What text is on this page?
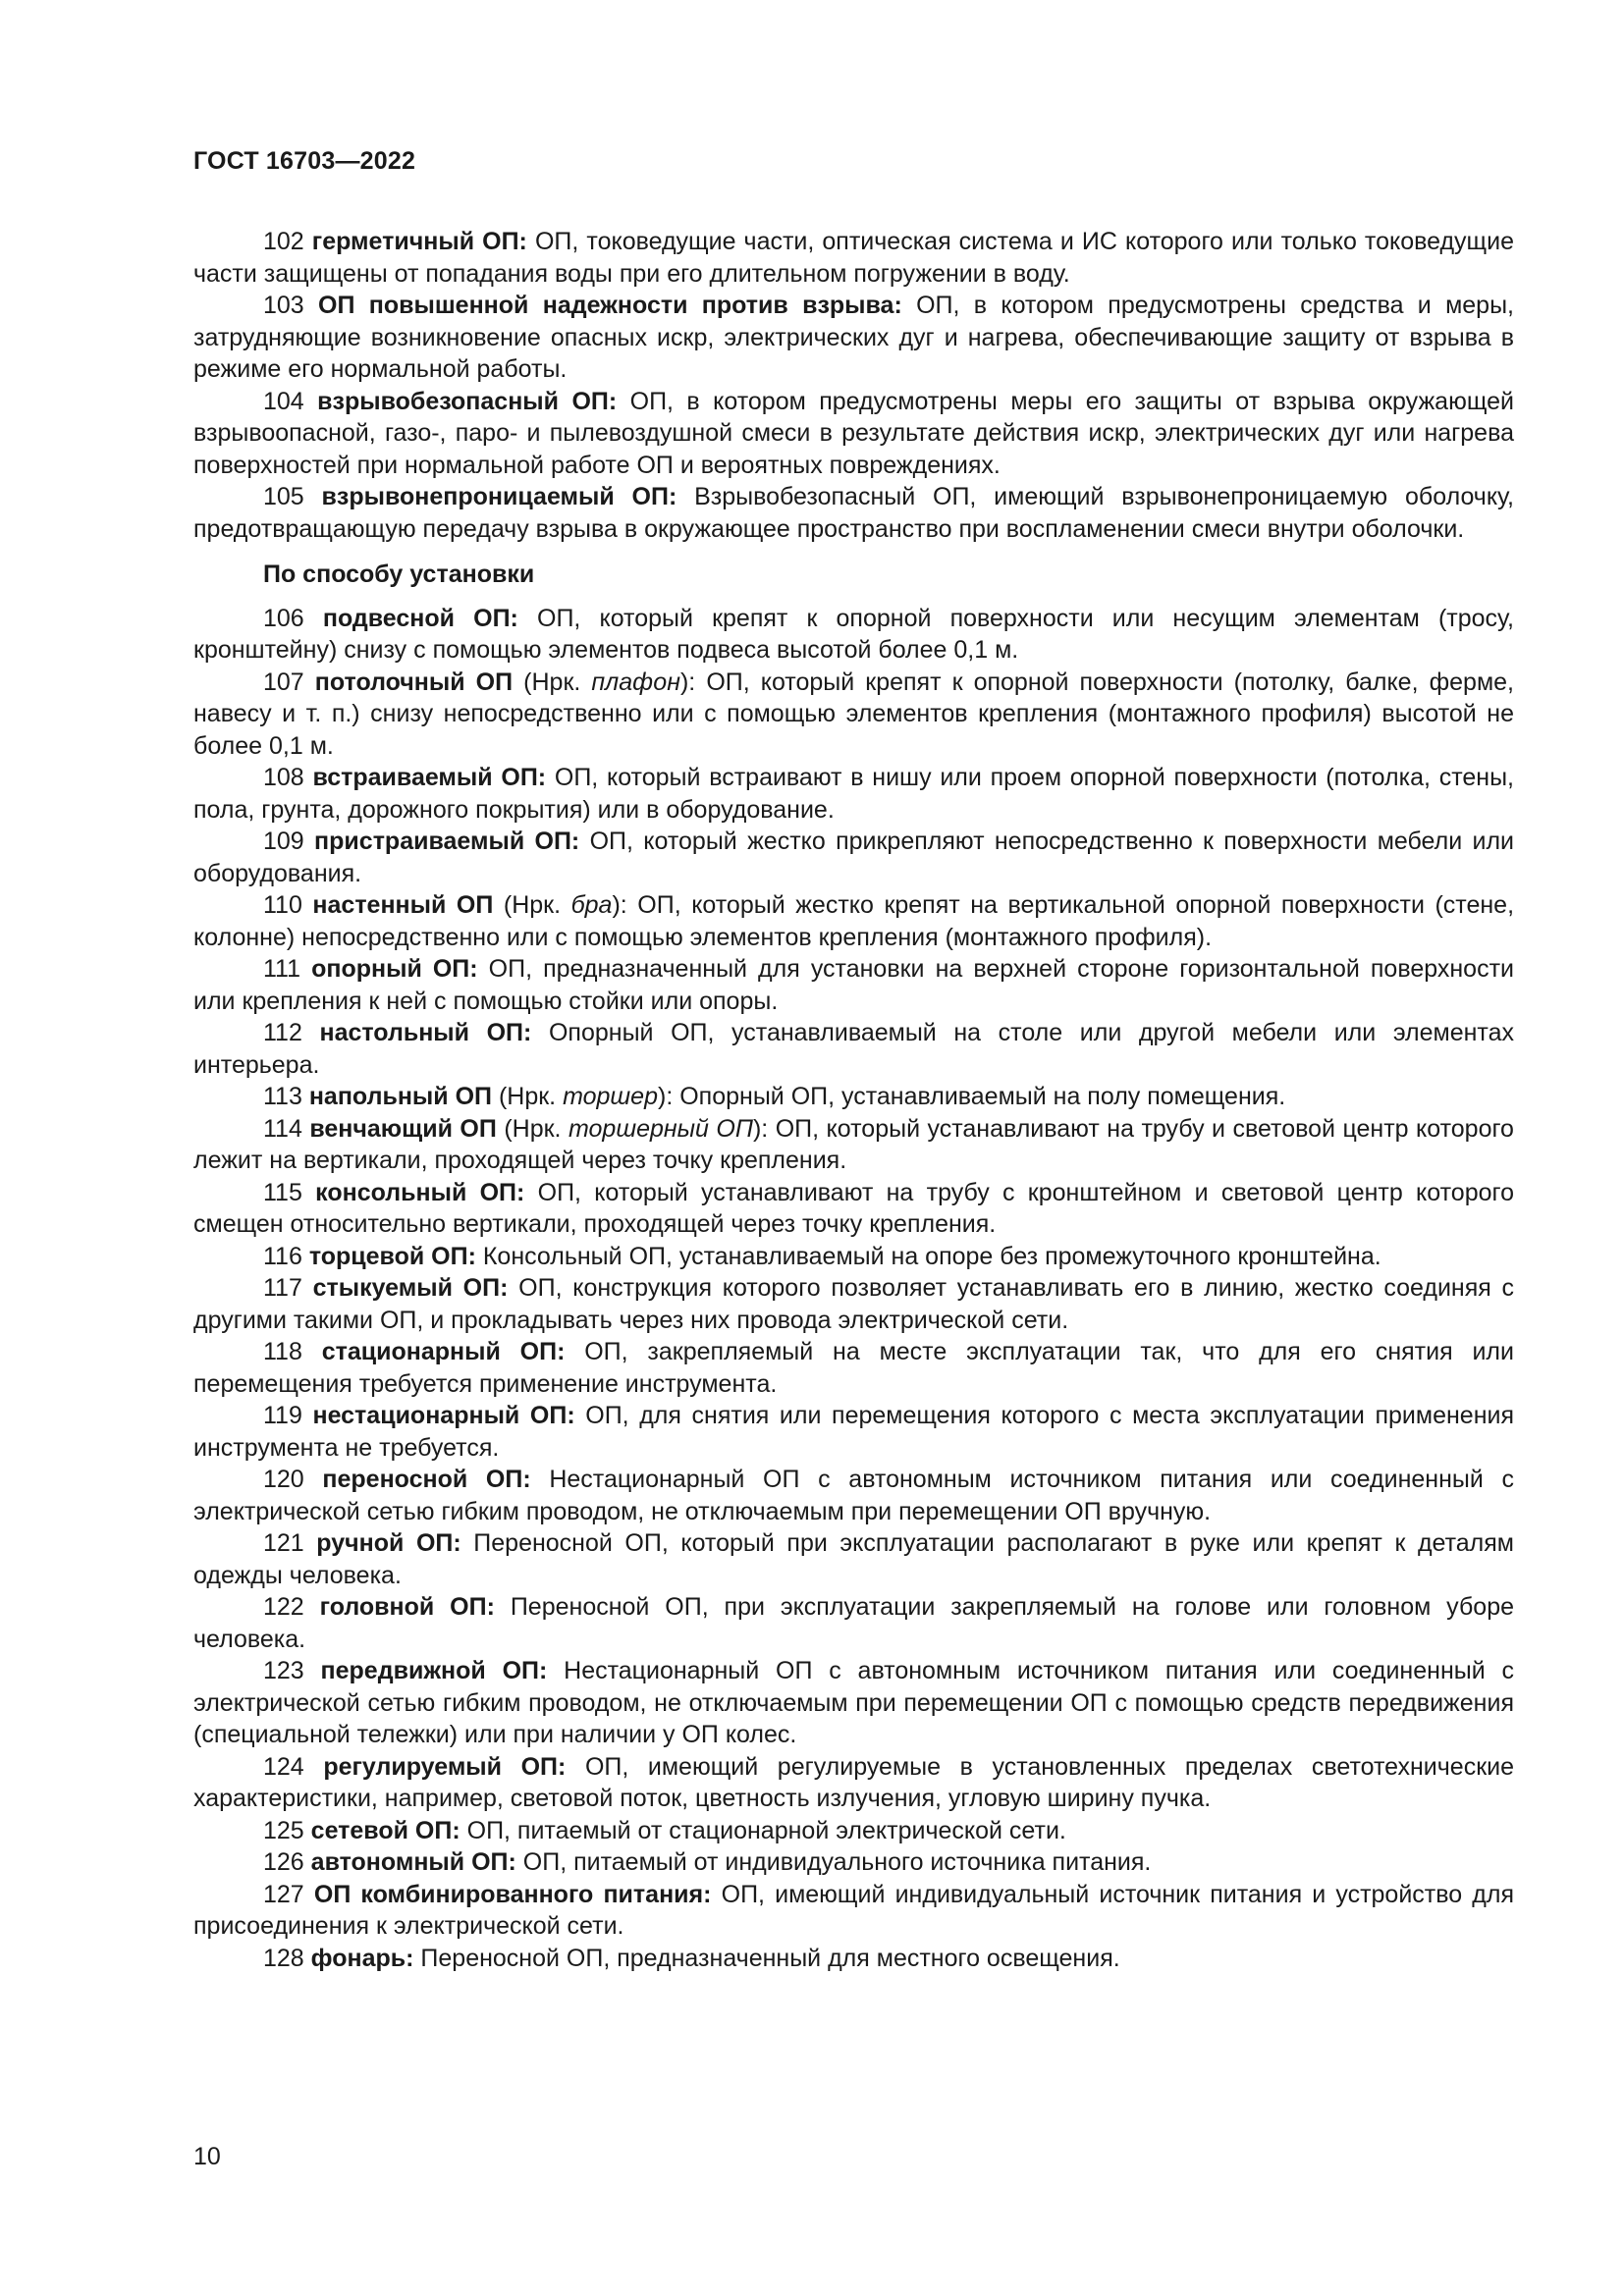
ГОСТ 16703—2022

102 герметичный ОП: ОП, токоведущие части, оптическая система и ИС которого или только токоведущие части защищены от попадания воды при его длительном погружении в воду.

103 ОП повышенной надежности против взрыва: ОП, в котором предусмотрены средства и меры, затрудняющие возникновение опасных искр, электрических дуг и нагрева, обеспечивающие защиту от взрыва в режиме его нормальной работы.

104 взрывобезопасный ОП: ОП, в котором предусмотрены меры его защиты от взрыва окружающей взрывоопасной, газо-, паро- и пылевоздушной смеси в результате действия искр, электрических дуг или нагрева поверхностей при нормальной работе ОП и вероятных повреждениях.

105 взрывонепроницаемый ОП: Взрывобезопасный ОП, имеющий взрывонепроницаемую оболочку, предотвращающую передачу взрыва в окружающее пространство при воспламенении смеси внутри оболочки.

По способу установки

106 подвесной ОП: ОП, который крепят к опорной поверхности или несущим элементам (тросу, кронштейну) снизу с помощью элементов подвеса высотой более 0,1 м.

107 потолочный ОП (Нрк. плафон): ОП, который крепят к опорной поверхности (потолку, балке, ферме, навесу и т. п.) снизу непосредственно или с помощью элементов крепления (монтажного профиля) высотой не более 0,1 м.

108 встраиваемый ОП: ОП, который встраивают в нишу или проем опорной поверхности (потолка, стены, пола, грунта, дорожного покрытия) или в оборудование.

109 пристраиваемый ОП: ОП, который жестко прикрепляют непосредственно к поверхности мебели или оборудования.

110 настенный ОП (Нрк. бра): ОП, который жестко крепят на вертикальной опорной поверхности (стене, колонне) непосредственно или с помощью элементов крепления (монтажного профиля).

111 опорный ОП: ОП, предназначенный для установки на верхней стороне горизонтальной поверхности или крепления к ней с помощью стойки или опоры.

112 настольный ОП: Опорный ОП, устанавливаемый на столе или другой мебели или элементах интерьера.

113 напольный ОП (Нрк. торшер): Опорный ОП, устанавливаемый на полу помещения.

114 венчающий ОП (Нрк. торшерный ОП): ОП, который устанавливают на трубу и световой центр которого лежит на вертикали, проходящей через точку крепления.

115 консольный ОП: ОП, который устанавливают на трубу с кронштейном и световой центр которого смещен относительно вертикали, проходящей через точку крепления.

116 торцевой ОП: Консольный ОП, устанавливаемый на опоре без промежуточного кронштейна.

117 стыкуемый ОП: ОП, конструкция которого позволяет устанавливать его в линию, жестко соединяя с другими такими ОП, и прокладывать через них провода электрической сети.

118 стационарный ОП: ОП, закрепляемый на месте эксплуатации так, что для его снятия или перемещения требуется применение инструмента.

119 нестационарный ОП: ОП, для снятия или перемещения которого с места эксплуатации применения инструмента не требуется.

120 переносной ОП: Нестационарный ОП с автономным источником питания или соединенный с электрической сетью гибким проводом, не отключаемым при перемещении ОП вручную.

121 ручной ОП: Переносной ОП, который при эксплуатации располагают в руке или крепят к деталям одежды человека.

122 головной ОП: Переносной ОП, при эксплуатации закрепляемый на голове или головном уборе человека.

123 передвижной ОП: Нестационарный ОП с автономным источником питания или соединенный с электрической сетью гибким проводом, не отключаемым при перемещении ОП с помощью средств передвижения (специальной тележки) или при наличии у ОП колес.

124 регулируемый ОП: ОП, имеющий регулируемые в установленных пределах светотехнические характеристики, например, световой поток, цветность излучения, угловую ширину пучка.

125 сетевой ОП: ОП, питаемый от стационарной электрической сети.

126 автономный ОП: ОП, питаемый от индивидуального источника питания.

127 ОП комбинированного питания: ОП, имеющий индивидуальный источник питания и устройство для присоединения к электрической сети.

128 фонарь: Переносной ОП, предназначенный для местного освещения.

10
